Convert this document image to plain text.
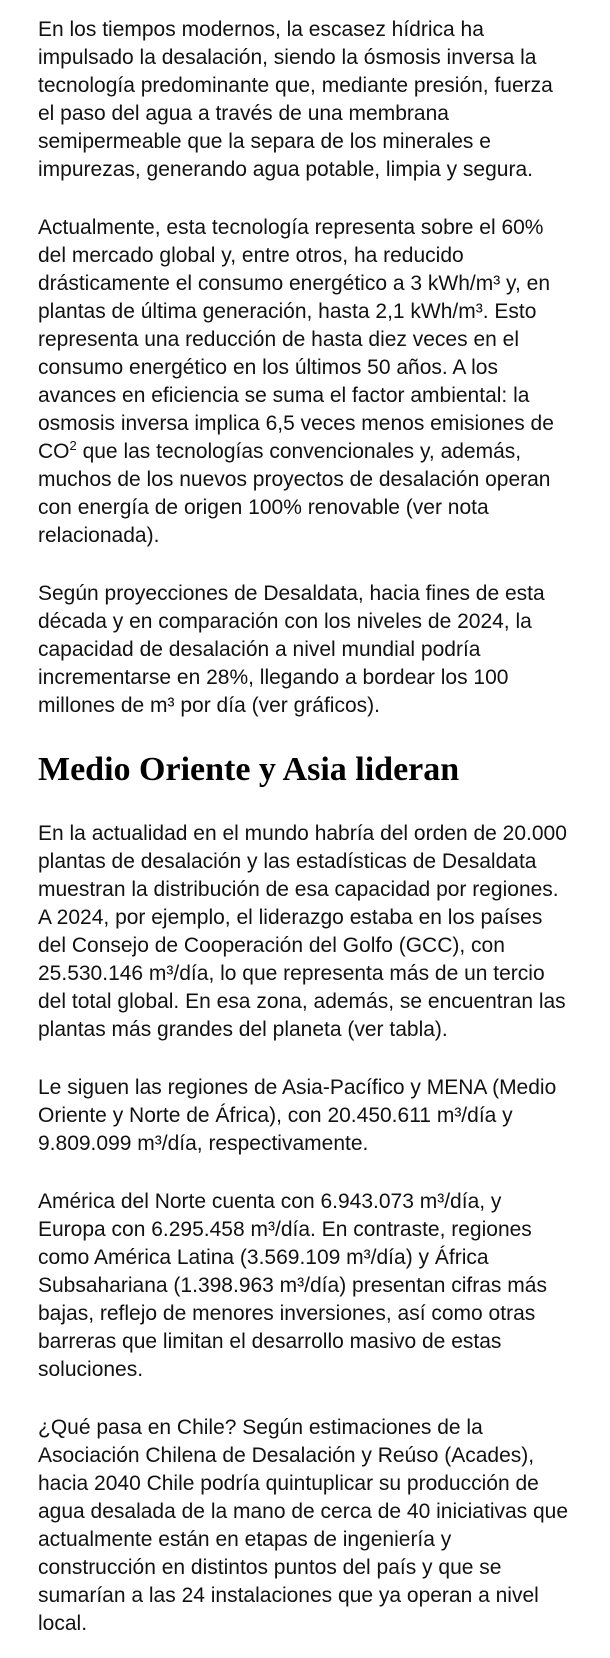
En los tiempos modernos, la escasez hídrica ha impulsado la desalación, siendo la ósmosis inversa la tecnología predominante que, mediante presión, fuerza el paso del agua a través de una membrana semipermeable que la separa de los minerales e impurezas, generando agua potable, limpia y segura.

Actualmente, esta tecnología representa sobre el 60% del mercado global y, entre otros, ha reducido drásticamente el consumo energético a 3 kWh/m³ y, en plantas de última generación, hasta 2,1 kWh/m³. Esto representa una reducción de hasta diez veces en el consumo energético en los últimos 50 años. A los avances en eficiencia se suma el factor ambiental: la osmosis inversa implica 6,5 veces menos emisiones de $CO^2$ que las tecnologías convencionales y, además, muchos de los nuevos proyectos de desalación operan con energía de origen 100% renovable (ver nota relacionada).

Según proyecciones de Desaldata, hacia fines de esta década y en comparación con los niveles de 2024, la capacidad de desalación a nivel mundial podría incrementarse en 28%, llegando a bordear los 100 millones de m³ por día (ver gráficos).

Medio Oriente y Asia lideran

En la actualidad en el mundo habría del orden de 20.000 plantas de desalación y las estadísticas de Desaldata muestran la distribución de esa capacidad por regiones. A 2024, por ejemplo, el liderazgo estaba en los países del Consejo de Cooperación del Golfo (GCC), con 25.530.146 m³/día, lo que representa más de un tercio del total global. En esa zona, además, se encuentran las plantas más grandes del planeta (ver tabla).

Le siguen las regiones de Asia-Pacífico y MENA (Medio Oriente y Norte de África), con 20.450.611 m³/día y 9.809.099 m³/día, respectivamente.

América del Norte cuenta con 6.943.073 m³/día, y Europa con 6.295.458 m³/día. En contraste, regiones como América Latina (3.569.109 m³/día) y África Subsahariana (1.398.963 m³/día) presentan cifras más bajas, reflejo de menores inversiones, así como otras barreras que limitan el desarrollo masivo de estas soluciones.

¿Qué pasa en Chile? Según estimaciones de la Asociación Chilena de Desalación y Reúso (Acades), hacia 2040 Chile podría quintuplicar su producción de agua desalada de la mano de cerca de 40 iniciativas que actualmente están en etapas de ingeniería y construcción en distintos puntos del país y que se sumarían a las 24 instalaciones que ya operan a nivel local.
